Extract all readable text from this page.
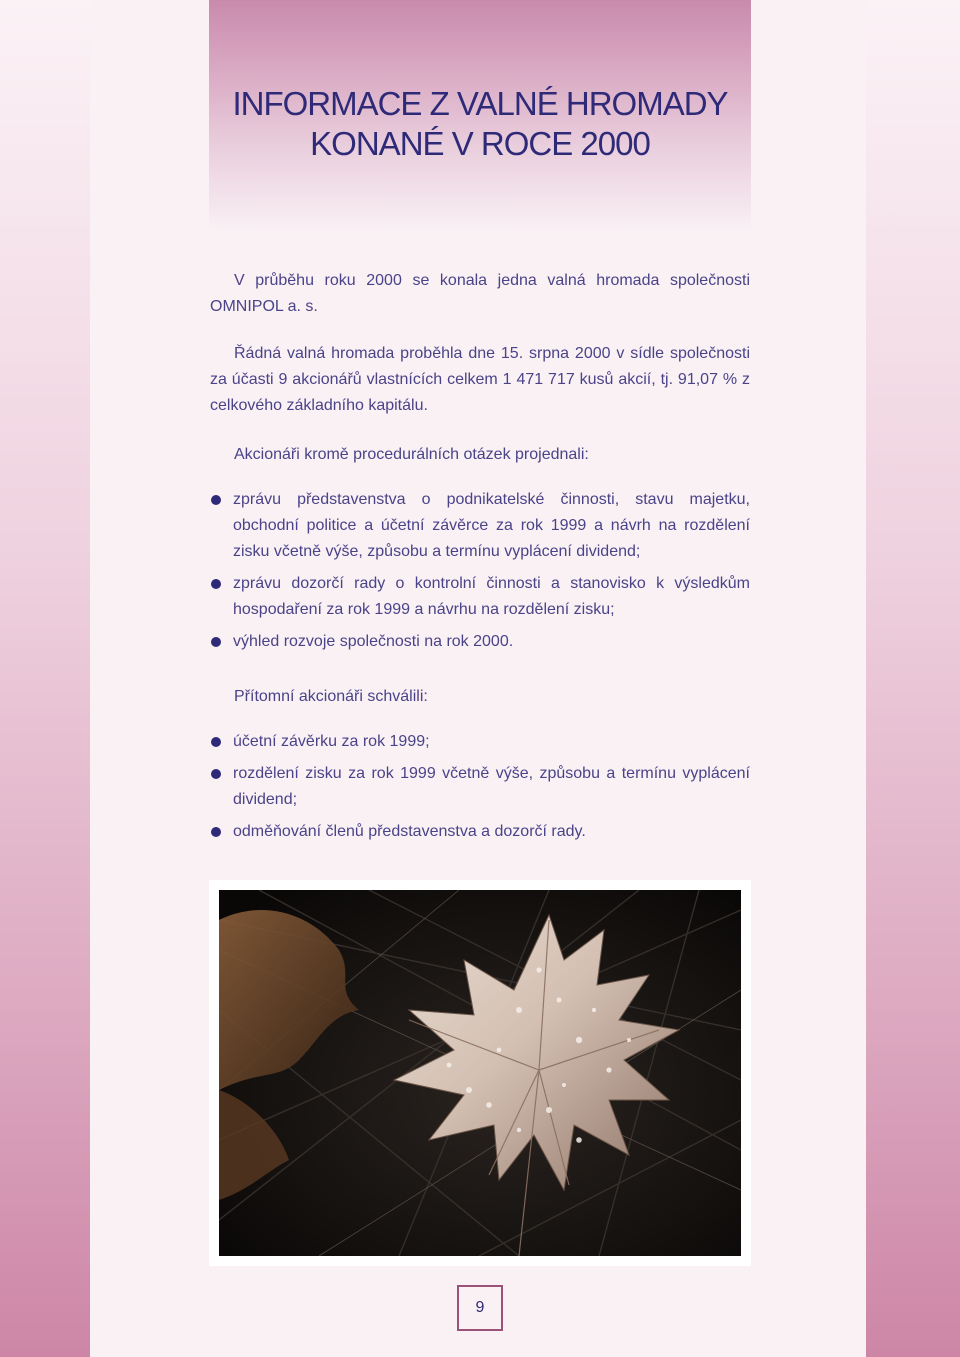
INFORMACE Z VALNÉ HROMADY
KONANÉ V ROCE 2000

V průběhu roku 2000 se konala jedna valná hromada společnosti OMNIPOL a. s.

Řádná valná hromada proběhla dne 15. srpna 2000 v sídle společnosti za účasti 9 akcionářů vlastnících celkem 1 471 717 kusů akcií, tj. 91,07 % z celkového základního kapitálu.

Akcionáři kromě procedurálních otázek projednali:

zprávu představenstva o podnikatelské činnosti, stavu majetku, obchodní politice a účetní závěrce za rok 1999 a návrh na rozdělení zisku včetně výše, způsobu a termínu vyplácení dividend;
zprávu dozorčí rady o kontrolní činnosti a stanovisko k výsledkům hospodaření za rok 1999 a návrhu na rozdělení zisku;
výhled rozvoje společnosti na rok 2000.

Přítomní akcionáři schválili:

účetní závěrku za rok 1999;
rozdělení zisku za rok 1999 včetně výše, způsobu a termínu vyplácení dividend;
odměňování členů představenstva a dozorčí rady.
9
